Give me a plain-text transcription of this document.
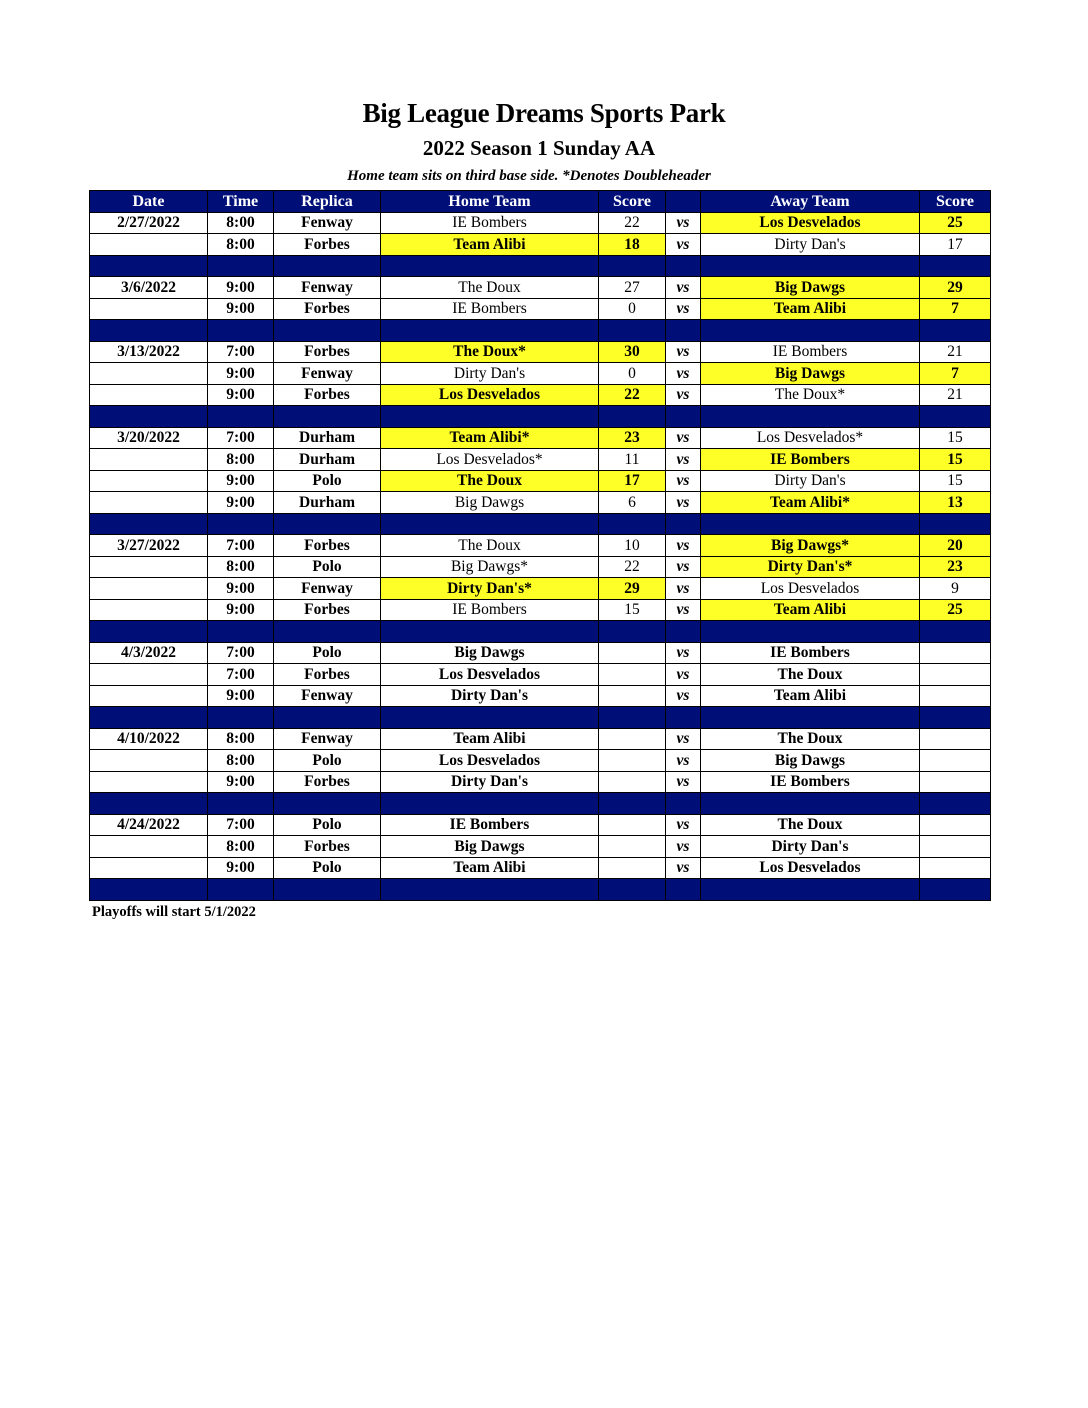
Big League Dreams Sports Park
2022 Season 1 Sunday AA
Home team sits on third base side. *Denotes Doubleheader
Date	Time	Replica	Home Team	Score		Away Team	Score
2/27/2022	8:00	Fenway	IE Bombers	22	vs	Los Desvelados	25
	8:00	Forbes	Team Alibi	18	vs	Dirty Dan's	17

3/6/2022	9:00	Fenway	The Doux	27	vs	Big Dawgs	29
	9:00	Forbes	IE Bombers	0	vs	Team Alibi	7

3/13/2022	7:00	Forbes	The Doux*	30	vs	IE Bombers	21
	9:00	Fenway	Dirty Dan's	0	vs	Big Dawgs	7
	9:00	Forbes	Los Desvelados	22	vs	The Doux*	21

3/20/2022	7:00	Durham	Team Alibi*	23	vs	Los Desvelados*	15
	8:00	Durham	Los Desvelados*	11	vs	IE Bombers	15
	9:00	Polo	The Doux	17	vs	Dirty Dan's	15
	9:00	Durham	Big Dawgs	6	vs	Team Alibi*	13

3/27/2022	7:00	Forbes	The Doux	10	vs	Big Dawgs*	20
	8:00	Polo	Big Dawgs*	22	vs	Dirty Dan's*	23
	9:00	Fenway	Dirty Dan's*	29	vs	Los Desvelados	9
	9:00	Forbes	IE Bombers	15	vs	Team Alibi	25

4/3/2022	7:00	Polo	Big Dawgs		vs	IE Bombers	
	7:00	Forbes	Los Desvelados		vs	The Doux	
	9:00	Fenway	Dirty Dan's		vs	Team Alibi	

4/10/2022	8:00	Fenway	Team Alibi		vs	The Doux	
	8:00	Polo	Los Desvelados		vs	Big Dawgs	
	9:00	Forbes	Dirty Dan's		vs	IE Bombers	

4/24/2022	7:00	Polo	IE Bombers		vs	The Doux	
	8:00	Forbes	Big Dawgs		vs	Dirty Dan's	
	9:00	Polo	Team Alibi		vs	Los Desvelados	

Playoffs will start 5/1/2022
